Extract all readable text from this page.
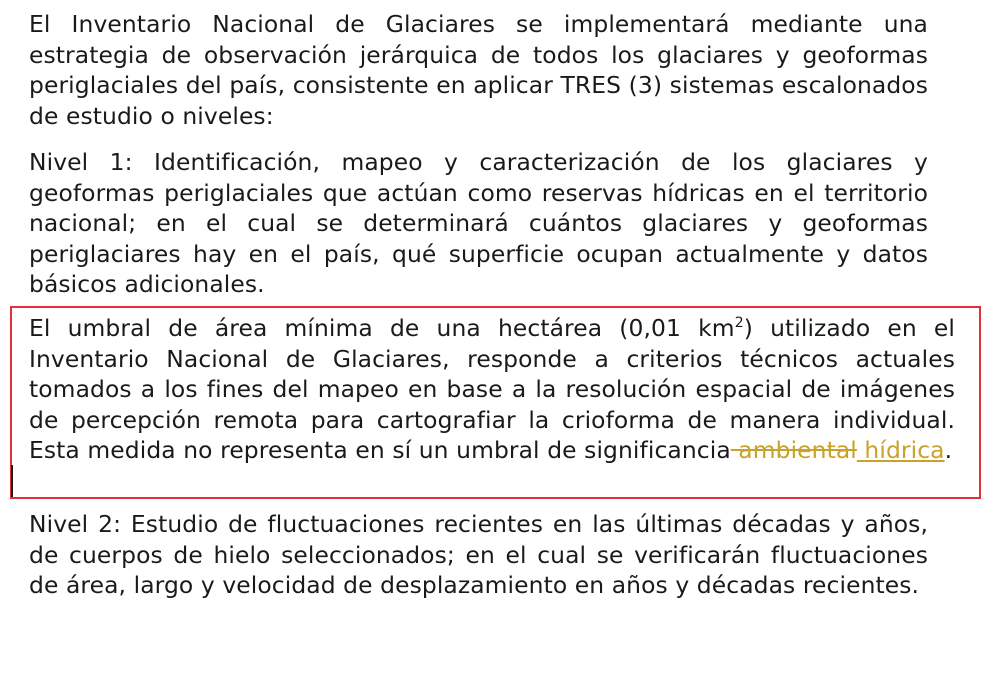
El Inventario Nacional de Glaciares se implementará mediante una estrategia de observación jerárquica de todos los glaciares y geoformas periglaciales del país, consistente en aplicar TRES (3) sistemas escalonados de estudio o niveles:

Nivel 1: Identificación, mapeo y caracterización de los glaciares y geoformas periglaciales que actúan como reservas hídricas en el territorio nacional; en el cual se determinará cuántos glaciares y geoformas periglaciares hay en el país, qué superficie ocupan actualmente y datos básicos adicionales.

El umbral de área mínima de una hectárea (0,01 $km^2$) utilizado en el Inventario Nacional de Glaciares, responde a criterios técnicos actuales tomados a los fines del mapeo en base a la resolución espacial de imágenes de percepción remota para cartografiar la crioforma de manera individual. Esta medida no representa en sí un umbral de significancia ambiental hídrica.

Nivel 2: Estudio de fluctuaciones recientes en las últimas décadas y años, de cuerpos de hielo seleccionados; en el cual se verificarán fluctuaciones de área, largo y velocidad de desplazamiento en años y décadas recientes.
